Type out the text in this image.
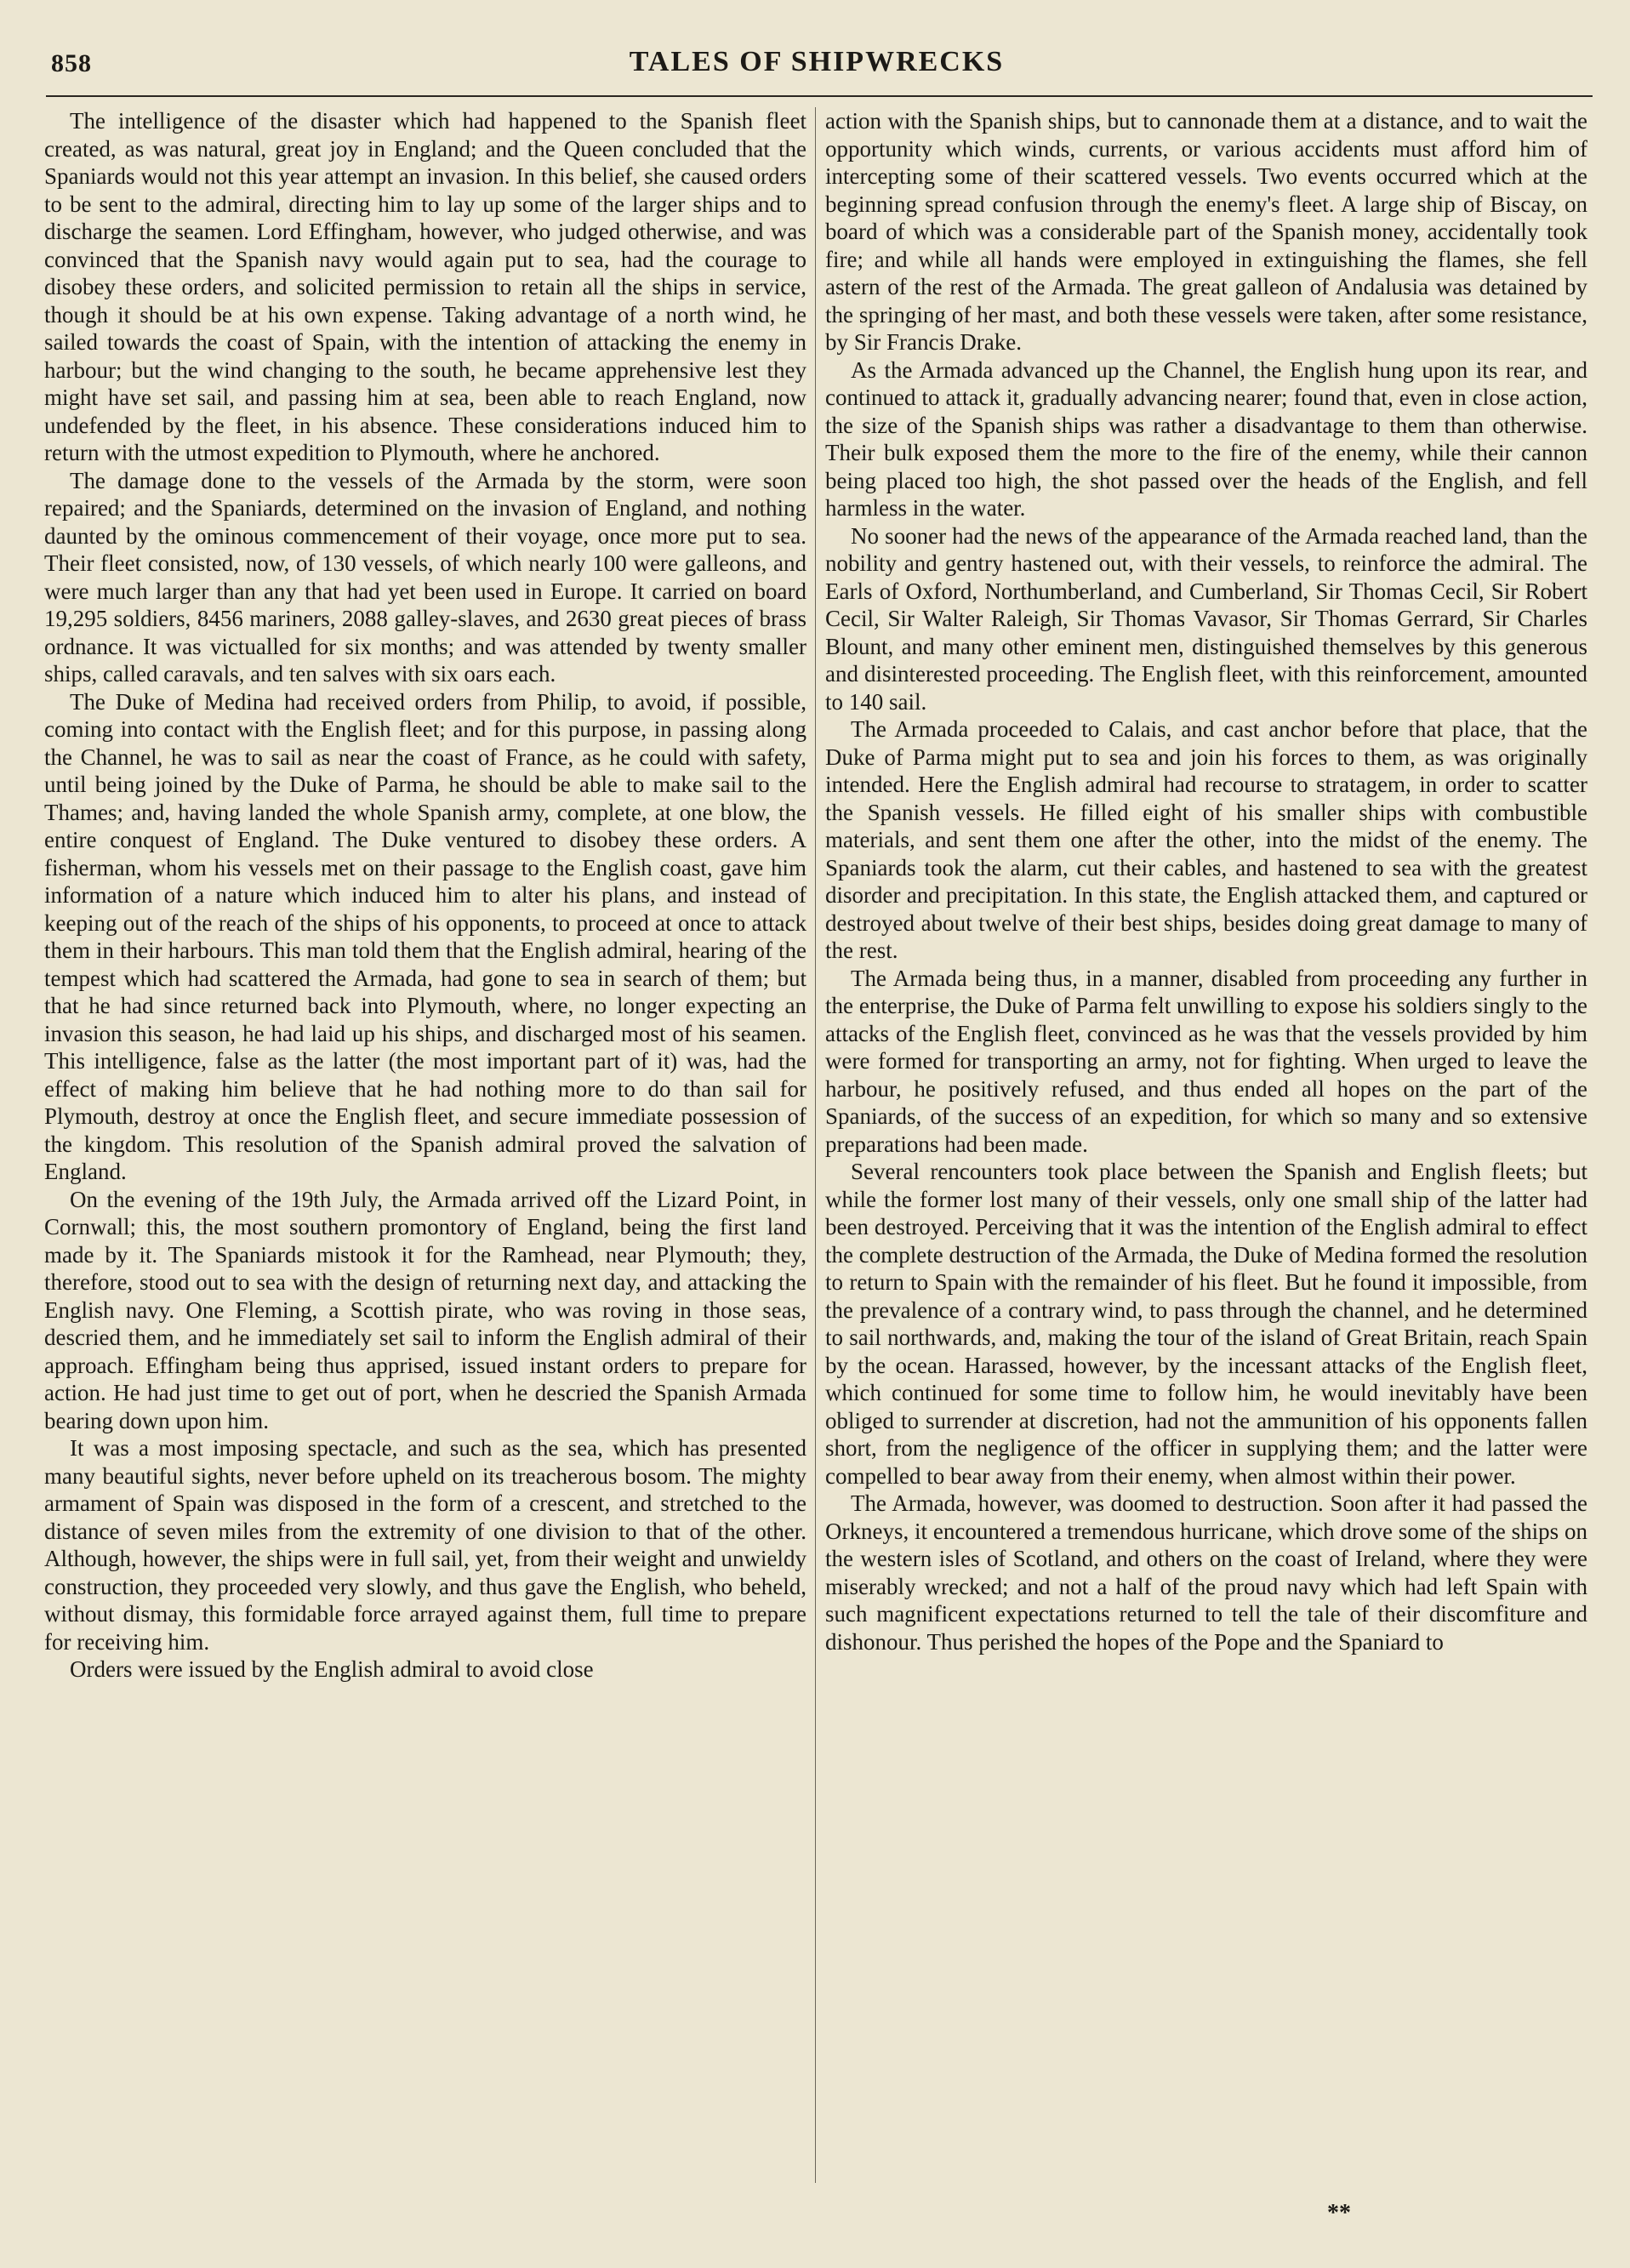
858	TALES OF SHIPWRECKS

The intelligence of the disaster which had happened to the Spanish fleet created, as was natural, great joy in England; and the Queen concluded that the Spaniards would not this year attempt an invasion. In this belief, she caused orders to be sent to the admiral, directing him to lay up some of the larger ships and to discharge the seamen. Lord Effingham, however, who judged otherwise, and was convinced that the Spanish navy would again put to sea, had the courage to disobey these orders, and solicited permission to retain all the ships in service, though it should be at his own expense. Taking advantage of a north wind, he sailed towards the coast of Spain, with the intention of attacking the enemy in harbour; but the wind changing to the south, he became apprehensive lest they might have set sail, and passing him at sea, been able to reach England, now undefended by the fleet, in his absence. These considerations induced him to return with the utmost expedition to Plymouth, where he anchored.

The damage done to the vessels of the Armada by the storm, were soon repaired; and the Spaniards, determined on the invasion of England, and nothing daunted by the ominous commencement of their voyage, once more put to sea. Their fleet consisted, now, of 130 vessels, of which nearly 100 were galleons, and were much larger than any that had yet been used in Europe. It carried on board 19,295 soldiers, 8456 mariners, 2088 galley-slaves, and 2630 great pieces of brass ordnance. It was victualled for six months; and was attended by twenty smaller ships, called caravals, and ten salves with six oars each.

The Duke of Medina had received orders from Philip, to avoid, if possible, coming into contact with the English fleet; and for this purpose, in passing along the Channel, he was to sail as near the coast of France, as he could with safety, until being joined by the Duke of Parma, he should be able to make sail to the Thames; and, having landed the whole Spanish army, complete, at one blow, the entire conquest of England. The Duke ventured to disobey these orders. A fisherman, whom his vessels met on their passage to the English coast, gave him information of a nature which induced him to alter his plans, and instead of keeping out of the reach of the ships of his opponents, to proceed at once to attack them in their harbours. This man told them that the English admiral, hearing of the tempest which had scattered the Armada, had gone to sea in search of them; but that he had since returned back into Plymouth, where, no longer expecting an invasion this season, he had laid up his ships, and discharged most of his seamen. This intelligence, false as the latter (the most important part of it) was, had the effect of making him believe that he had nothing more to do than sail for Plymouth, destroy at once the English fleet, and secure immediate possession of the kingdom. This resolution of the Spanish admiral proved the salvation of England.

On the evening of the 19th July, the Armada arrived off the Lizard Point, in Cornwall; this, the most southern promontory of England, being the first land made by it. The Spaniards mistook it for the Ramhead, near Plymouth; they, therefore, stood out to sea with the design of returning next day, and attacking the English navy. One Fleming, a Scottish pirate, who was roving in those seas, descried them, and he immediately set sail to inform the English admiral of their approach. Effingham being thus apprised, issued instant orders to prepare for action. He had just time to get out of port, when he descried the Spanish Armada bearing down upon him.

It was a most imposing spectacle, and such as the sea, which has presented many beautiful sights, never before upheld on its treacherous bosom. The mighty armament of Spain was disposed in the form of a crescent, and stretched to the distance of seven miles from the extremity of one division to that of the other. Although, however, the ships were in full sail, yet, from their weight and unwieldy construction, they proceeded very slowly, and thus gave the English, who beheld, without dismay, this formidable force arrayed against them, full time to prepare for receiving him.

Orders were issued by the English admiral to avoid close

action with the Spanish ships, but to cannonade them at a distance, and to wait the opportunity which winds, currents, or various accidents must afford him of intercepting some of their scattered vessels. Two events occurred which at the beginning spread confusion through the enemy's fleet. A large ship of Biscay, on board of which was a considerable part of the Spanish money, accidentally took fire; and while all hands were employed in extinguishing the flames, she fell astern of the rest of the Armada. The great galleon of Andalusia was detained by the springing of her mast, and both these vessels were taken, after some resistance, by Sir Francis Drake.

As the Armada advanced up the Channel, the English hung upon its rear, and continued to attack it, gradually advancing nearer; found that, even in close action, the size of the Spanish ships was rather a disadvantage to them than otherwise. Their bulk exposed them the more to the fire of the enemy, while their cannon being placed too high, the shot passed over the heads of the English, and fell harmless in the water.

No sooner had the news of the appearance of the Armada reached land, than the nobility and gentry hastened out, with their vessels, to reinforce the admiral. The Earls of Oxford, Northumberland, and Cumberland, Sir Thomas Cecil, Sir Robert Cecil, Sir Walter Raleigh, Sir Thomas Vavasor, Sir Thomas Gerrard, Sir Charles Blount, and many other eminent men, distinguished themselves by this generous and disinterested proceeding. The English fleet, with this reinforcement, amounted to 140 sail.

The Armada proceeded to Calais, and cast anchor before that place, that the Duke of Parma might put to sea and join his forces to them, as was originally intended. Here the English admiral had recourse to stratagem, in order to scatter the Spanish vessels. He filled eight of his smaller ships with combustible materials, and sent them one after the other, into the midst of the enemy. The Spaniards took the alarm, cut their cables, and hastened to sea with the greatest disorder and precipitation. In this state, the English attacked them, and captured or destroyed about twelve of their best ships, besides doing great damage to many of the rest.

The Armada being thus, in a manner, disabled from proceeding any further in the enterprise, the Duke of Parma felt unwilling to expose his soldiers singly to the attacks of the English fleet, convinced as he was that the vessels provided by him were formed for transporting an army, not for fighting. When urged to leave the harbour, he positively refused, and thus ended all hopes on the part of the Spaniards, of the success of an expedition, for which so many and so extensive preparations had been made.

Several rencounters took place between the Spanish and English fleets; but while the former lost many of their vessels, only one small ship of the latter had been destroyed. Perceiving that it was the intention of the English admiral to effect the complete destruction of the Armada, the Duke of Medina formed the resolution to return to Spain with the remainder of his fleet. But he found it impossible, from the prevalence of a contrary wind, to pass through the channel, and he determined to sail northwards, and, making the tour of the island of Great Britain, reach Spain by the ocean. Harassed, however, by the incessant attacks of the English fleet, which continued for some time to follow him, he would inevitably have been obliged to surrender at discretion, had not the ammunition of his opponents fallen short, from the negligence of the officer in supplying them; and the latter were compelled to bear away from their enemy, when almost within their power.

The Armada, however, was doomed to destruction. Soon after it had passed the Orkneys, it encountered a tremendous hurricane, which drove some of the ships on the western isles of Scotland, and others on the coast of Ireland, where they were miserably wrecked; and not a half of the proud navy which had left Spain with such magnificent expectations returned to tell the tale of their discomfiture and dishonour. Thus perished the hopes of the Pope and the Spaniard to

**
